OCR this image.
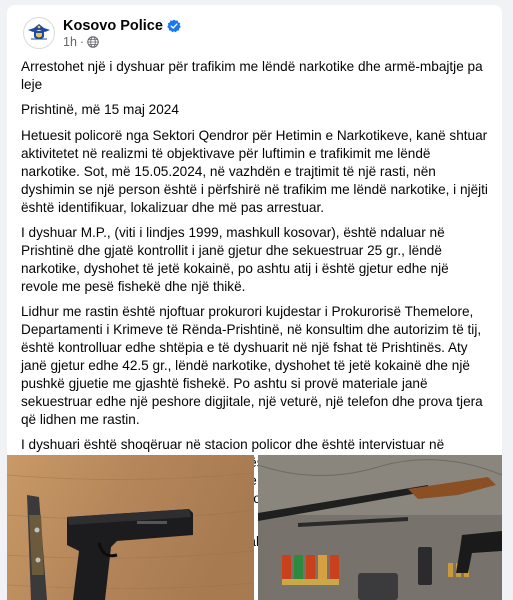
Kosovo Police
1h ·

Arrestohet një i dyshuar për trafikim me lëndë narkotike dhe armë-mbajtje pa leje

Prishtinë, më 15 maj 2024

Hetuesit policorë nga Sektori Qendror për Hetimin e Narkotikeve, kanë shtuar aktivitetet në realizmi të objektivave për luftimin e trafikimit me lëndë narkotike. Sot, më 15.05.2024, në vazhdën e trajtimit të një rasti, nën dyshimin se një person është i përfshirë në trafikim me lëndë narkotike, i njëjti është identifikuar, lokalizuar dhe më pas arrestuar.

I dyshuar M.P., (viti i lindjes 1999, mashkull kosovar), është ndaluar në Prishtinë dhe gjatë kontrollit i janë gjetur dhe sekuestruar 25 gr., lëndë narkotike, dyshohet të jetë kokainë, po ashtu atij i është gjetur edhe një revole me pesë fishekë dhe një thikë.

Lidhur me rastin është njoftuar prokurori kujdestar i Prokurorisë Themelore, Departamenti i Krimeve të Rënda-Prishtinë, në konsultim dhe autorizim të tij, është kontrolluar edhe shtëpia e të dyshuarit në një fshat të Prishtinës. Aty janë gjetur edhe 42.5 gr., lëndë narkotike, dyshohet të jetë kokainë dhe një pushkë gjuetie me gjashtë fishekë. Po ashtu si provë materiale janë sekuestruar edhe një peshore digjitale, një veturë, një telefon dhe prova tjera që lidhen me rastin.

I dyshuari është shoqëruar në stacion policor dhe është intervistuar në
